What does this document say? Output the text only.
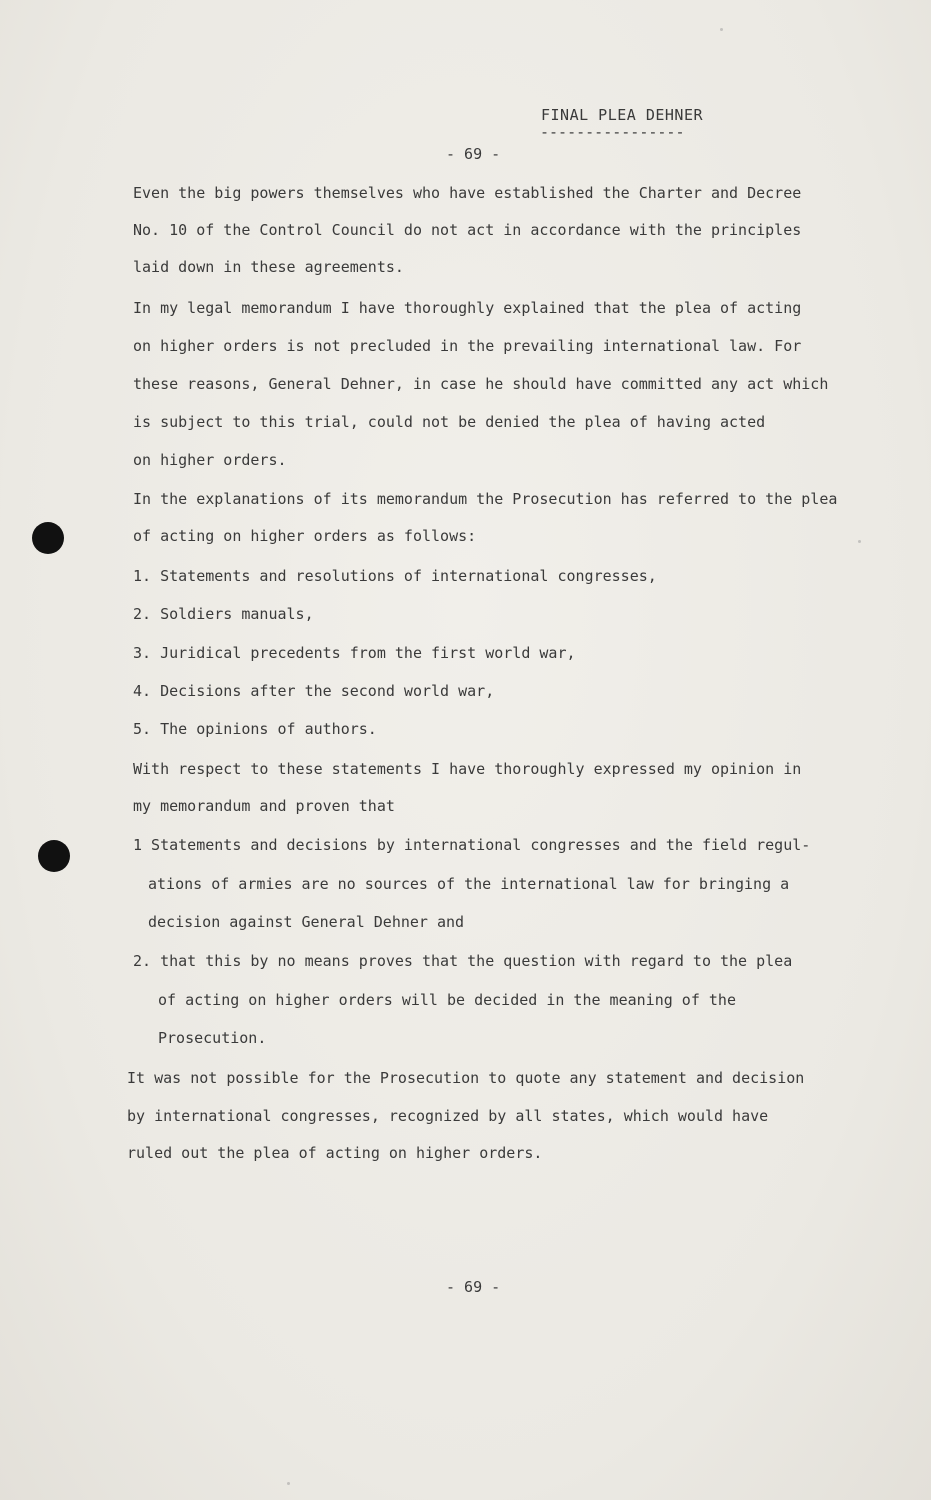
FINAL PLEA DEHNER
----------------
- 69 -
Even the big powers themselves who have established the Charter and Decree
No. 10 of the Control Council do not act in accordance with the principles
laid down in these agreements.
In my legal memorandum I have thoroughly explained that the plea of acting
on higher orders is not precluded in the prevailing international law. For
these reasons, General Dehner, in case he should have committed any act which
is subject to this trial, could not be denied the plea of having acted
on higher orders.
In the explanations of its memorandum the Prosecution has referred to the plea
of acting on higher orders as follows:
1. Statements and resolutions of international congresses,
2. Soldiers manuals,
3. Juridical precedents from the first world war,
4. Decisions after the second world war,
5. The opinions of authors.
With respect to these statements I have thoroughly expressed my opinion in
my memorandum and proven that
1 Statements and decisions by international congresses and the field regul-
ations of armies are no sources of the international law for bringing a
decision against General Dehner and
2. that this by no means proves that the question with regard to the plea
of acting on higher orders will be decided in the meaning of the
Prosecution.
It was not possible for the Prosecution to quote any statement and decision
by international congresses, recognized by all states, which would have
ruled out the plea of acting on higher orders.
- 69 -
